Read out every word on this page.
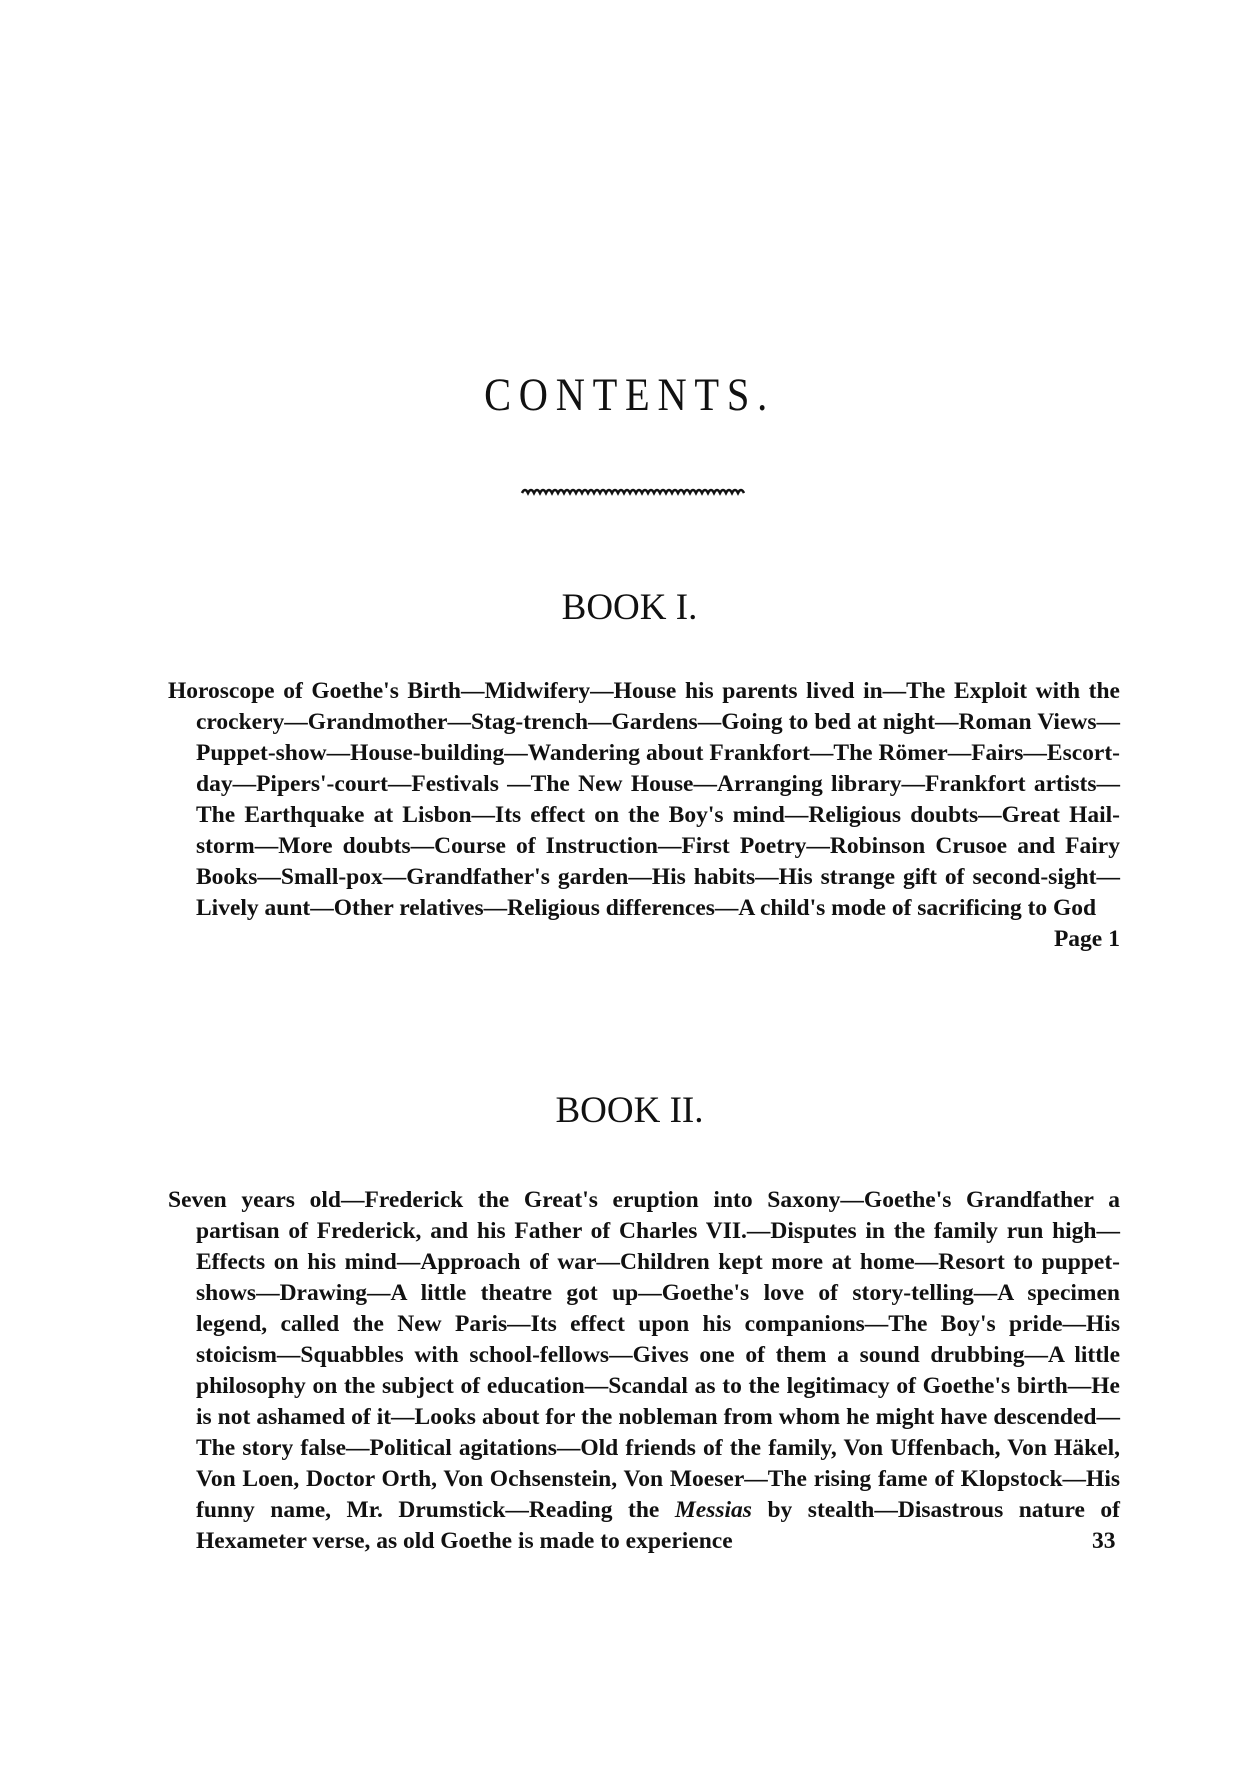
CONTENTS.
BOOK I.

Horoscope of Goethe's Birth—Midwifery—House his parents lived in—The Exploit with the crockery—Grandmother—Stag-trench—Gardens—Going to bed at night—Roman Views—Puppet-show—House-building—Wandering about Frankfort—The Römer—Fairs—Escort-day—Pipers'-court—Festivals —The New House—Arranging library—Frankfort artists—The Earthquake at Lisbon—Its effect on the Boy's mind—Religious doubts—Great Hail-storm—More doubts—Course of Instruction—First Poetry—Robinson Crusoe and Fairy Books—Small-pox—Grandfather's garden—His habits—His strange gift of second-sight—Lively aunt—Other relatives—Religious differences—A child's mode of sacrificing to God
Page 1

BOOK II.

Seven years old—Frederick the Great's eruption into Saxony—Goethe's Grandfather a partisan of Frederick, and his Father of Charles VII.—Disputes in the family run high—Effects on his mind—Approach of war—Children kept more at home—Resort to puppet-shows—Drawing—A little theatre got up—Goethe's love of story-telling—A specimen legend, called the New Paris—Its effect upon his companions—The Boy's pride—His stoicism—Squabbles with school-fellows—Gives one of them a sound drubbing—A little philosophy on the subject of education—Scandal as to the legitimacy of Goethe's birth—He is not ashamed of it—Looks about for the nobleman from whom he might have descended—The story false—Political agitations—Old friends of the family, Von Uffenbach, Von Häkel, Von Loen, Doctor Orth, Von Ochsenstein, Von Moeser—The rising fame of Klopstock—His funny name, Mr. Drumstick—Reading the Messias by stealth—Disastrous nature of Hexameter verse, as old Goethe is made to experience	33
